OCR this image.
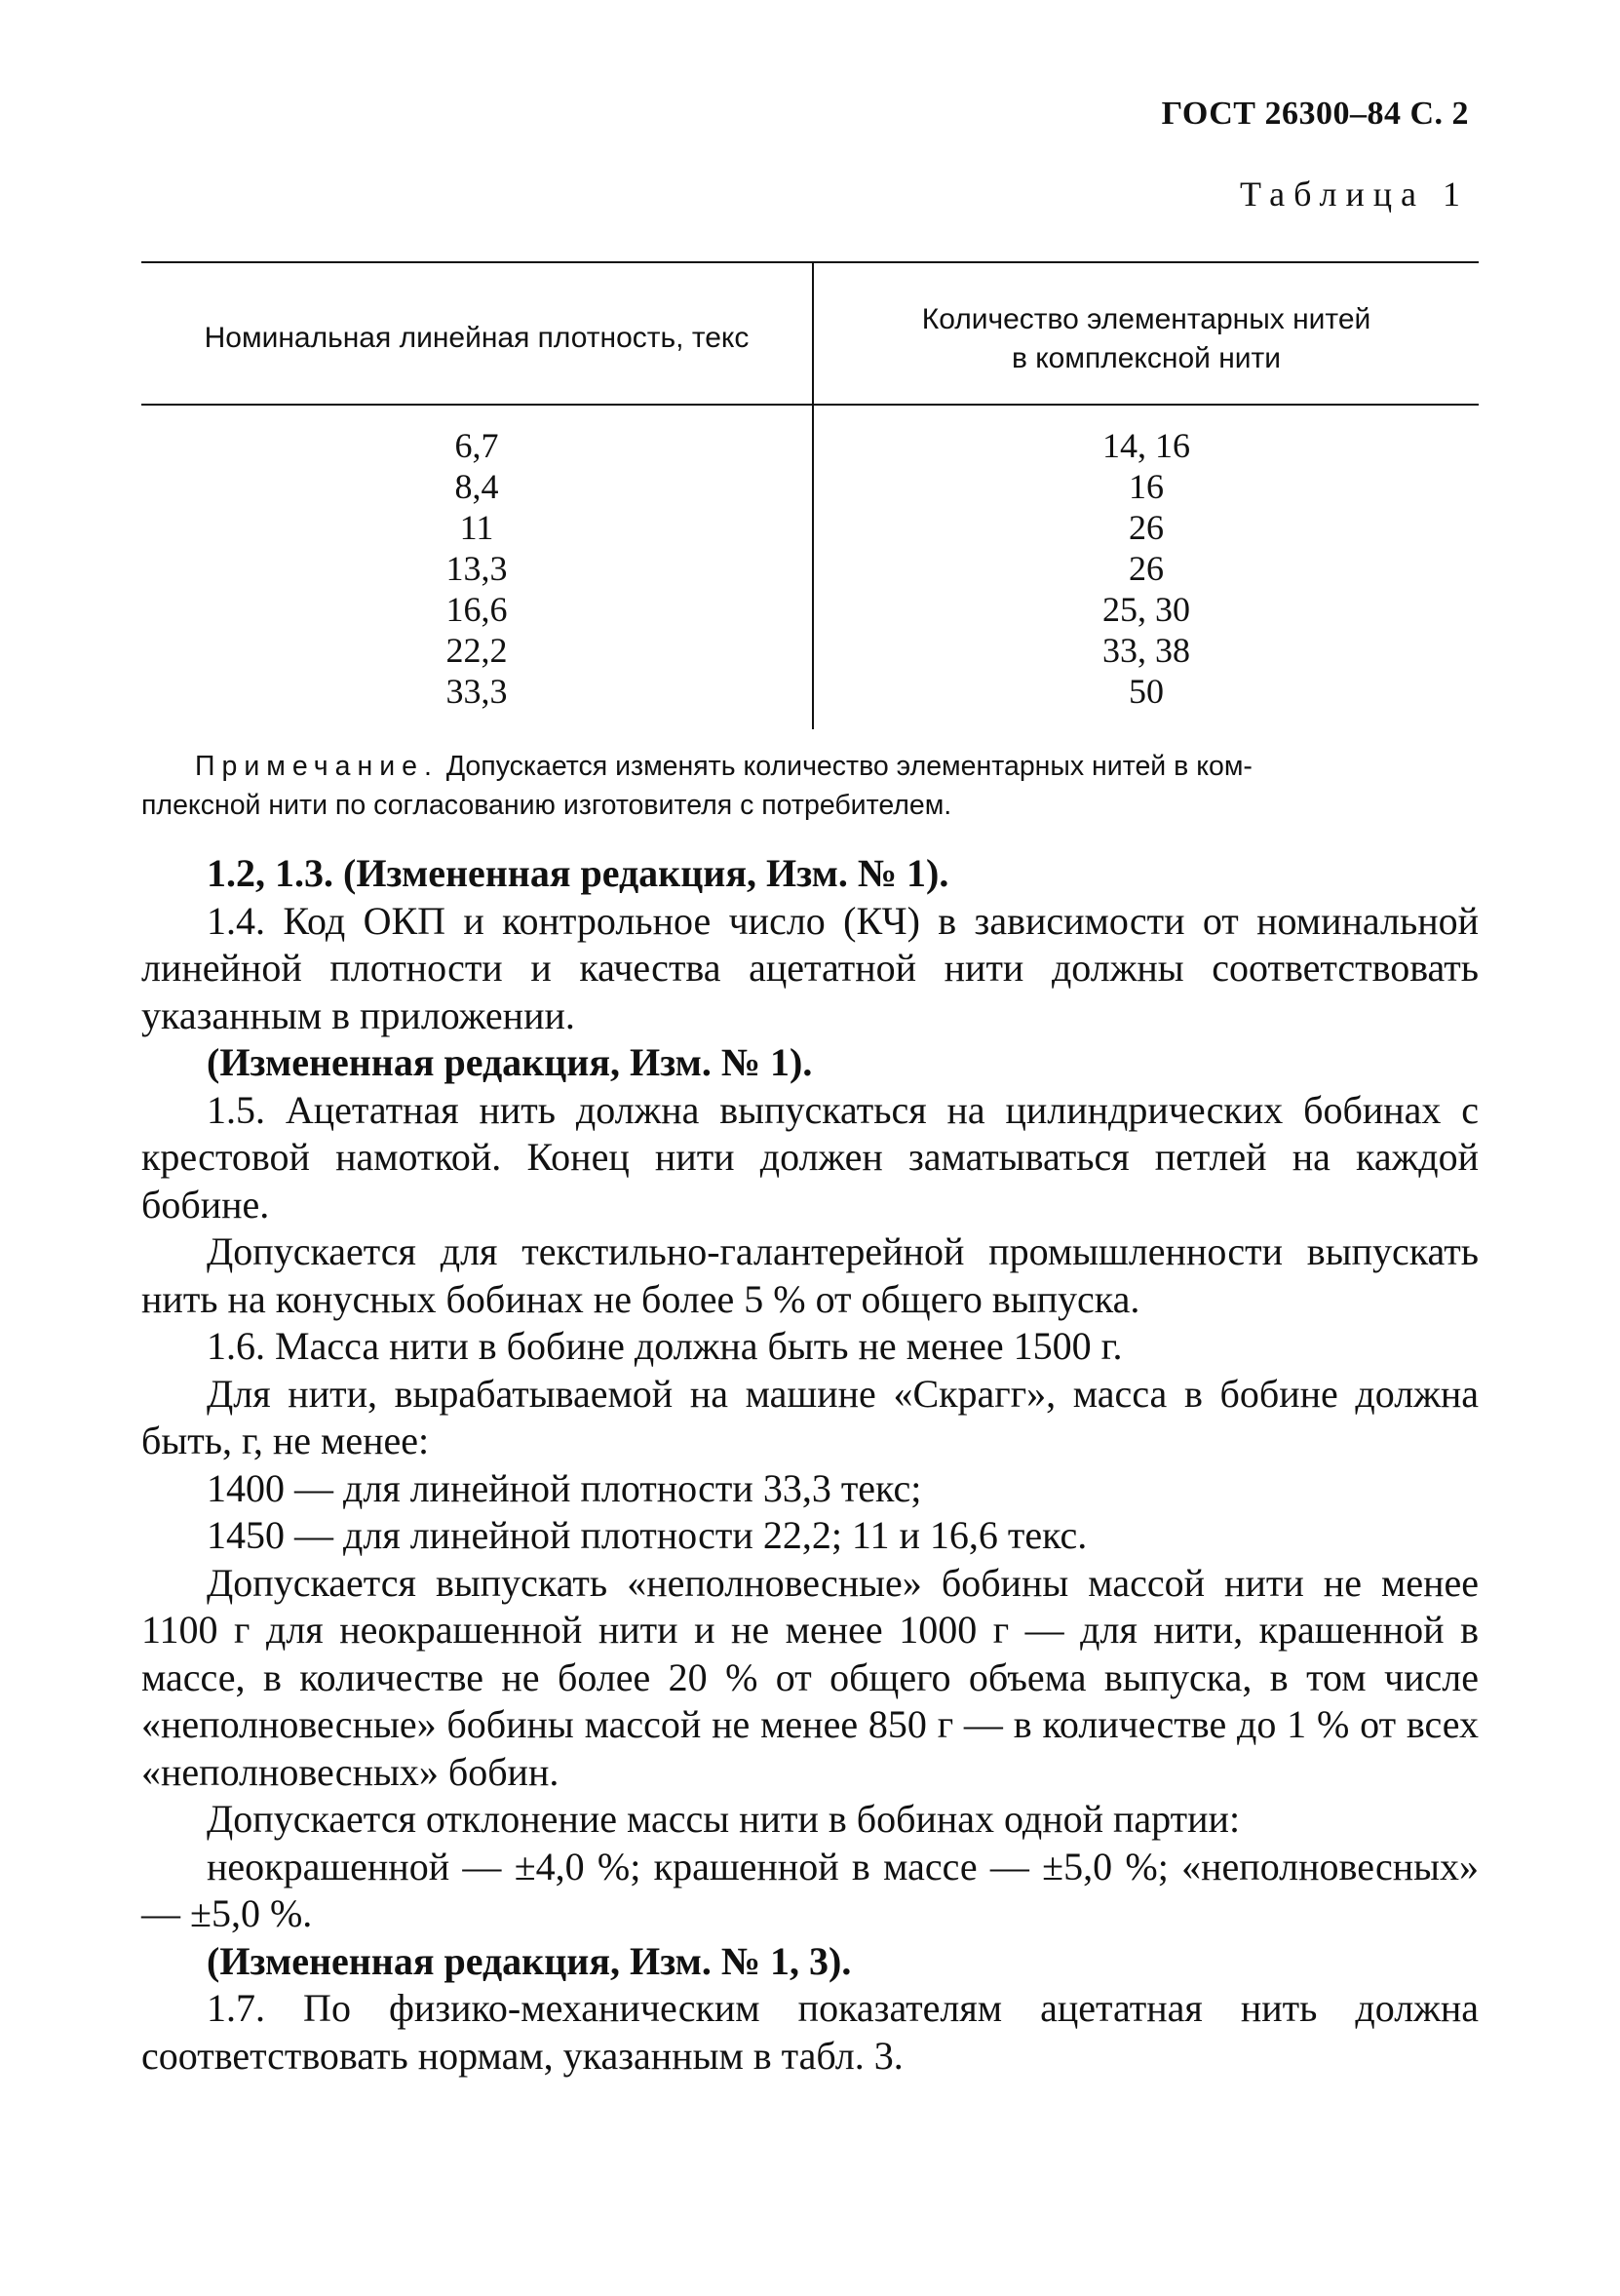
ГОСТ 26300–84 С. 2
Таблица 1
Номинальная линейная плотность, текс
Количество элементарных нитей
в комплексной нити
6,7
8,4
11
13,3
16,6
22,2
33,3
14, 16
16
26
26
25, 30
33, 38
50
Примечание. Допускается изменять количество элементарных нитей в ком-
плексной нити по согласованию изготовителя с потребителем.
1.2, 1.3. (Измененная редакция, Изм. № 1).
1.4. Код ОКП и контрольное число (КЧ) в зависимости от номинальной линейной плотности и качества ацетатной нити должны соответствовать указанным в приложении.
(Измененная редакция, Изм. № 1).
1.5. Ацетатная нить должна выпускаться на цилиндрических бобинах с крестовой намоткой. Конец нити должен заматываться петлей на каждой бобине.
Допускается для текстильно-галантерейной промышленности выпускать нить на конусных бобинах не более 5 % от общего выпуска.
1.6. Масса нити в бобине должна быть не менее 1500 г.
Для нити, вырабатываемой на машине «Скрагг», масса в бобине должна быть, г, не менее:
1400 — для линейной плотности 33,3 текс;
1450 — для линейной плотности 22,2; 11 и 16,6 текс.
Допускается выпускать «неполновесные» бобины массой нити не менее 1100 г для неокрашенной нити и не менее 1000 г — для нити, крашенной в массе, в количестве не более 20 % от общего объема выпуска, в том числе «неполновесные» бобины массой не менее 850 г — в количестве до 1 % от всех «неполновесных» бобин.
Допускается отклонение массы нити в бобинах одной партии:
неокрашенной — ±4,0 %; крашенной в массе — ±5,0 %; «неполновесных» — ±5,0 %.
(Измененная редакция, Изм. № 1, 3).
1.7. По физико-механическим показателям ацетатная нить должна соответствовать нормам, указанным в табл. 3.
